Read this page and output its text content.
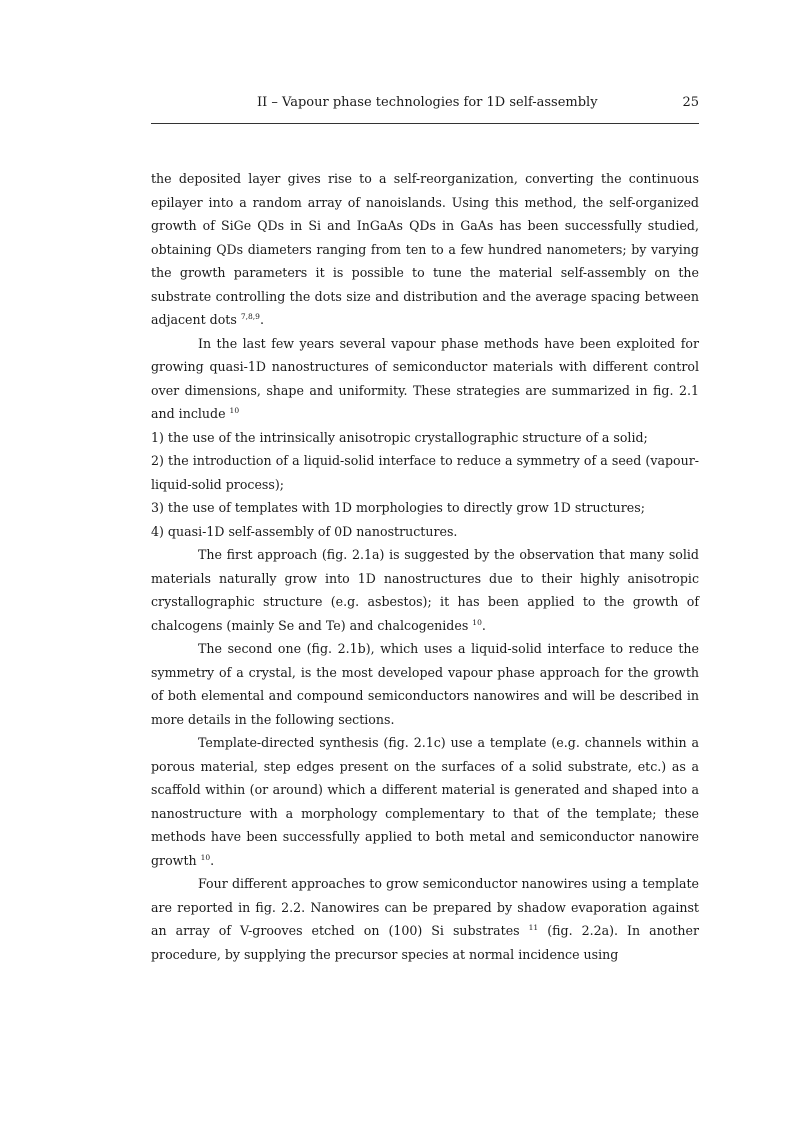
II – Vapour phase technologies for 1D self-assembly	25

the deposited layer gives rise to a self-reorganization, converting the continuous epilayer into a random array of nanoislands. Using this method, the self-organized growth of SiGe QDs in Si and InGaAs QDs in GaAs has been successfully studied, obtaining QDs diameters ranging from ten to a few hundred nanometers; by varying the growth parameters it is possible to tune the material self-assembly on the substrate controlling the dots size and distribution and the average spacing between adjacent dots $^{7,8,9}$.

In the last few years several vapour phase methods have been exploited for growing quasi-1D nanostructures of semiconductor materials with different control over dimensions, shape and uniformity. These strategies are summarized in fig. 2.1 and include $^{10}$

1) the use of the intrinsically anisotropic crystallographic structure of a solid;

2) the introduction of a liquid-solid interface to reduce a symmetry of a seed (vapour-liquid-solid process);

3) the use of templates with 1D morphologies to directly grow 1D structures;

4) quasi-1D self-assembly of 0D nanostructures.

The first approach (fig. 2.1a) is suggested by the observation that many solid materials naturally grow into 1D nanostructures due to their highly anisotropic crystallographic structure (e.g. asbestos); it has been applied to the growth of chalcogens (mainly Se and Te) and chalcogenides $^{10}$.

The second one (fig. 2.1b), which uses a liquid-solid interface to reduce the symmetry of a crystal, is the most developed vapour phase approach for the growth of both elemental and compound semiconductors nanowires and will be described in more details in the following sections.

Template-directed synthesis (fig. 2.1c) use a template (e.g. channels within a porous material, step edges present on the surfaces of a solid substrate, etc.) as a scaffold within (or around) which a different material is generated and shaped into a nanostructure with a morphology complementary to that of the template; these methods have been successfully applied to both metal and semiconductor nanowire growth $^{10}$.

Four different approaches to grow semiconductor nanowires using a template are reported in fig. 2.2. Nanowires can be prepared by shadow evaporation against an array of V-grooves etched on (100) Si substrates $^{11}$ (fig. 2.2a). In another procedure, by supplying the precursor species at normal incidence using
